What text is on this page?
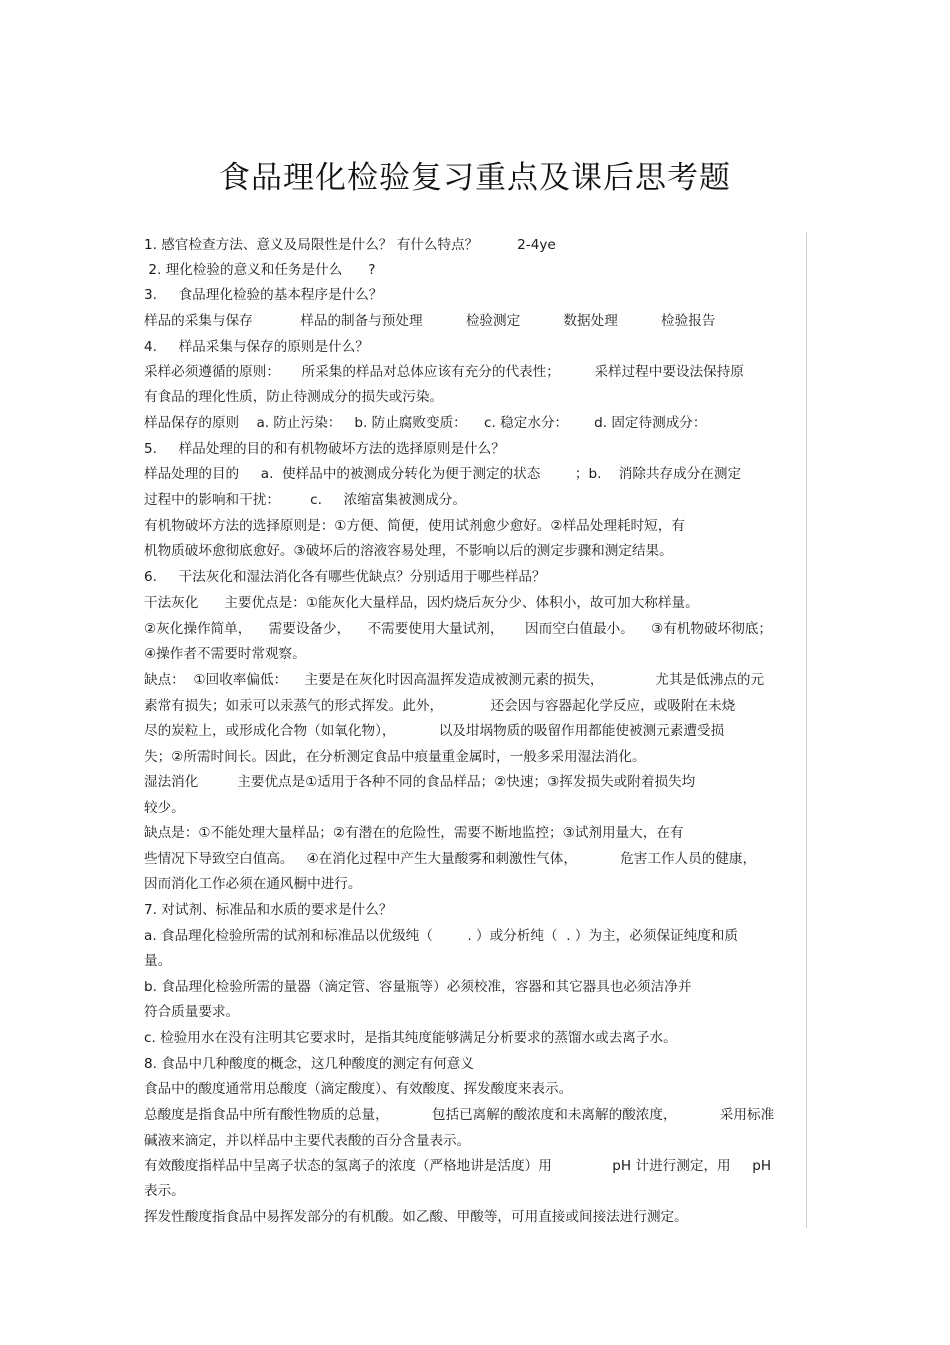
食品理化检验复习重点及课后思考题
1. 感官检查方法、意义及局限性是什么？ 有什么特点？         2-4ye
2. 理化检验的意义和任务是什么      ?
3.     食品理化检验的基本程序是什么？
样品的采集与保存           样品的制备与预处理          检验测定          数据处理          检验报告
4.     样品采集与保存的原则是什么？
采样必须遵循的原则：     所采集的样品对总体应该有充分的代表性；        采样过程中要设法保持原
有食品的理化性质，防止待测成分的损失或污染。
样品保存的原则    a. 防止污染：   b. 防止腐败变质：    c. 稳定水分：      d. 固定待测成分：
5.     样品处理的目的和有机物破坏方法的选择原则是什么？
样品处理的目的     a.  使样品中的被测成分转化为便于测定的状态        ；b.    消除共存成分在测定
过程中的影响和干扰：       c.     浓缩富集被测成分。
有机物破坏方法的选择原则是：①方便、简便，使用试剂愈少愈好。②样品处理耗时短，有
机物质破坏愈彻底愈好。③破坏后的溶液容易处理，不影响以后的测定步骤和测定结果。
6.     干法灰化和湿法消化各有哪些优缺点？分别适用于哪些样品？
干法灰化      主要优点是：①能灰化大量样品，因灼烧后灰分少、体积小，故可加大称样量。
②灰化操作简单，    需要设备少，    不需要使用大量试剂，     因而空白值最小。    ③有机物破坏彻底；
④操作者不需要时常观察。
缺点：  ①回收率偏低：    主要是在灰化时因高温挥发造成被测元素的损失，            尤其是低沸点的元
素常有损失；如汞可以汞蒸气的形式挥发。此外，           还会因与容器起化学反应，或吸附在未烧
尽的炭粒上，或形成化合物（如氧化物），          以及坩埚物质的吸留作用都能使被测元素遭受损
失；②所需时间长。因此，在分析测定食品中痕量重金属时，一般多采用湿法消化。
湿法消化         主要优点是①适用于各种不同的食品样品；②快速；③挥发损失或附着损失均
较少。
缺点是：①不能处理大量样品；②有潜在的危险性，需要不断地监控；③试剂用量大，在有
些情况下导致空白值高。   ④在消化过程中产生大量酸雾和刺激性气体，          危害工作人员的健康，
因而消化工作必须在通风橱中进行。
7. 对试剂、标准品和水质的要求是什么？
a. 食品理化检验所需的试剂和标准品以优级纯（        . ）或分析纯（  . ）为主，必须保证纯度和质
量。
b. 食品理化检验所需的量器（滴定管、容量瓶等）必须校准，容器和其它器具也必须洁净并
符合质量要求。
c. 检验用水在没有注明其它要求时，是指其纯度能够满足分析要求的蒸馏水或去离子水。
8. 食品中几种酸度的概念，这几种酸度的测定有何意义
食品中的酸度通常用总酸度（滴定酸度）、有效酸度、挥发酸度来表示。
总酸度是指食品中所有酸性物质的总量，          包括已离解的酸浓度和未离解的酸浓度，          采用标准
碱液来滴定，并以样品中主要代表酸的百分含量表示。
有效酸度指样品中呈离子状态的氢离子的浓度（严格地讲是活度）用              pH 计进行测定，用     pH
表示。
挥发性酸度指食品中易挥发部分的有机酸。如乙酸、甲酸等，可用直接或间接法进行测定。
